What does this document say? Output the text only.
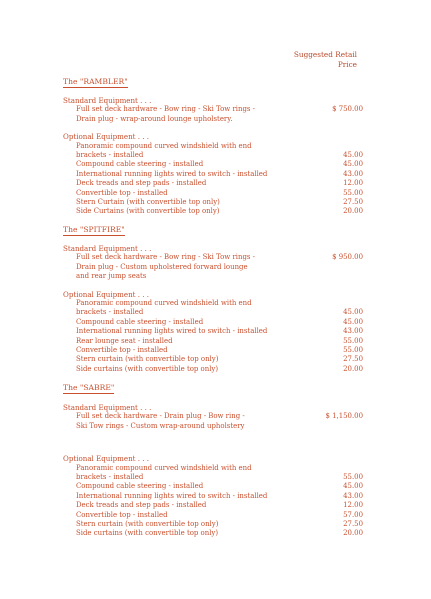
Suggested Retail
Price
The "RAMBLER"
Standard Equipment . . .
Full set deck hardware - Bow ring - Ski Tow rings -	$ 750.00
Drain plug - wrap-around lounge upholstery.
Optional Equipment . . .
Panoramic compound curved windshield with end
brackets - installed	45.00
Compound cable steering - installed	45.00
International running lights wired to switch - installed	43.00
Deck treads and step pads - installed	12.00
Convertible top - installed	55.00
Stern Curtain (with convertible top only)	27.50
Side Curtains (with convertible top only)	20.00
The "SPITFIRE"
Standard Equipment . . .
Full set deck hardware - Bow ring - Ski Tow rings -	$ 950.00
Drain plug - Custom upholstered forward lounge
and rear jump seats
Optional Equipment . . .
Panoramic compound curved windshield with end
brackets - installed	45.00
Compound cable steering - installed	45.00
International running lights wired to switch - installed	43.00
Rear lounge seat - installed	55.00
Convertible top - installed	55.00
Stern curtain (with convertible top only)	27.50
Side curtains (with convertible top only)	20.00
The "SABRE"
Standard Equipment . . .
Full set deck hardware - Drain plug - Bow ring -	$ 1,150.00
Ski Tow rings - Custom wrap-around upholstery
Optional Equipment . . .
Panoramic compound curved windshield with end
brackets - installed	55.00
Compound cable steering - installed	45.00
International running lights wired to switch - installed	43.00
Deck treads and step pads - installed	12.00
Convertible top - installed	57.00
Stern curtain (with convertible top only)	27.50
Side curtains (with convertible top only)	20.00
